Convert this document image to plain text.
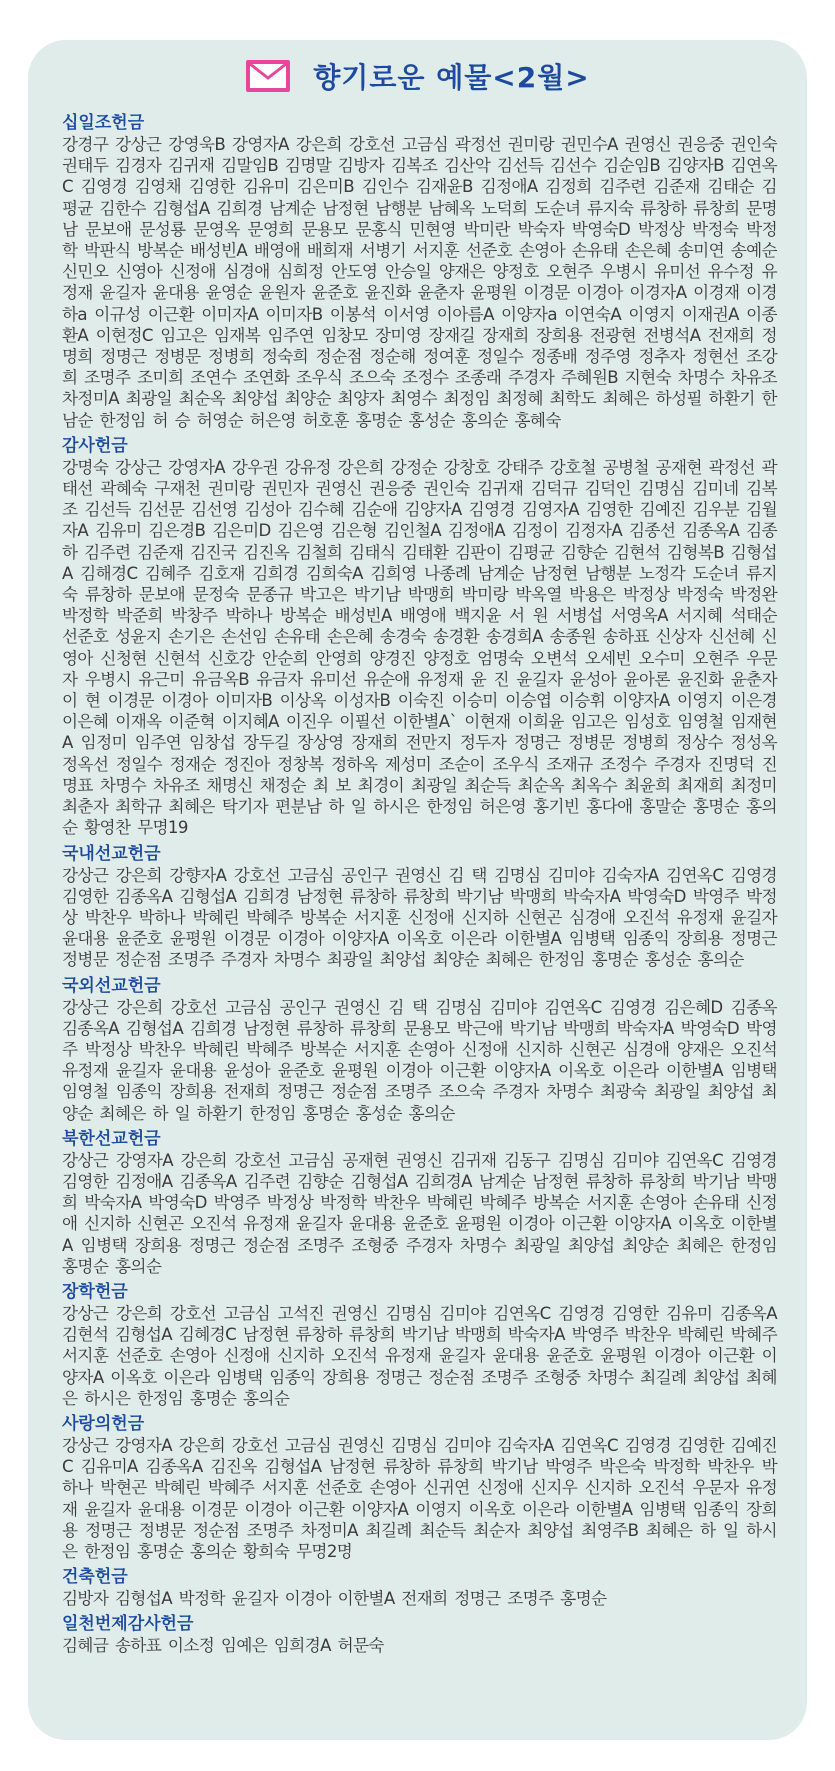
향기로운 예물<2월>
십일조헌금
강경구 강상근 강영욱B 강영자A 강은희 강호선 고금심 곽정선 권미랑 권민수A 권영신 권응중 권인숙 권태두 김경자 김귀재 김말임B 김명말 김방자 김복조 김산악 김선득 김선수 김순임B 김양자B 김연옥C 김영경 김영채 김영한 김유미 김은미B 김인수 김재윤B 김정애A 김정희 김주련 김준재 김태순 김평균 김한수 김형섭A 김희경 남계순 남정현 남행분 남혜옥 노덕희 도순녀 류지숙 류창하 류창희 문명남 문보애 문성룡 문영옥 문영희 문용모 문홍식 민현영 박미란 박숙자 박영숙D 박정상 박정숙 박정학 박판식 방복순 배성빈A 배영애 배희재 서병기 서지훈 선준호 손영아 손유태 손은혜 송미연 송예순 신민오 신영아 신정애 심경애 심희정 안도영 안승일 양재은 양정호 오현주 우병시 유미선 유수정 유정재 윤길자 윤대용 윤영순 윤원자 윤준호 윤진화 윤춘자 윤평원 이경문 이경아 이경자A 이경재 이경하a 이규성 이근환 이미자A 이미자B 이봉석 이서영 이아름A 이양자a 이연숙A 이영지 이재권A 이종환A 이현정C 임고은 임재복 임주연 임창모 장미영 장재길 장재희 장희용 전광현 전병석A 전재희 정명희 정명근 정병문 정병희 정숙희 정순점 정순해 정여훈 정일수 정종배 정주영 정추자 정현선 조강희 조명주 조미희 조연수 조연화 조우식 조으숙 조정수 조종래 주경자 주혜원B 지현숙 차명수 차유조 차정미A 최광일 최순옥 최양섭 최양순 최양자 최영수 최정임 최정혜 최학도 최혜은 하성필 하환기 한남순 한정임 허 승 허영순 허은영 허호훈 홍명순 홍성순 홍의순 홍혜숙
감사헌금
강명숙 강상근 강영자A 강우권 강유정 강은희 강정순 강창호 강태주 강호철 공병철 공재현 곽정선 곽태선 곽혜숙 구재천 권미랑 권민자 권영신 권응중 권인숙 김귀재 김덕규 김덕인 김명심 김미네 김복조 김선득 김선문 김선영 김성아 김수혜 김순애 김양자A 김영경 김영자A 김영한 김예진 김우분 김월자A 김유미 김은경B 김은미D 김은영 김은형 김인철A 김정애A 김정이 김정자A 김종선 김종옥A 김종하 김주련 김준재 김진국 김진옥 김철희 김태식 김태환 김판이 김평균 김향순 김현석 김형복B 김형섭A 김해경C 김혜주 김호재 김희경 김희숙A 김희영 나종례 남계순 남정현 남행분 노정각 도순녀 류지숙 류창하 문보애 문정숙 문종규 박고은 박기남 박맹희 박미랑 박옥열 박용은 박정상 박정숙 박정완 박정학 박준희 박창주 박하나 방복순 배성빈A 배영애 백지윤 서 원 서병섭 서영옥A 서지혜 석태순 선준호 성윤지 손기은 손선임 손유태 손은혜 송경숙 송경환 송경희A 송종원 송하표 신상자 신선혜 신영아 신청현 신현석 신호강 안순희 안영희 양경진 양정호 엄명숙 오변석 오세빈 오수미 오현주 우문자 우병시 유근미 유금옥B 유금자 유미선 유순애 유정재 윤 진 윤길자 윤성아 윤아론 윤진화 윤춘자 이 현 이경문 이경아 이미자B 이상옥 이성자B 이숙진 이승미 이승엽 이승휘 이양자A 이영지 이은경 이은혜 이재옥 이준혁 이지혜A 이진우 이필선 이한별A` 이현재 이희윤 임고은 임성호 임영철 임재현A 임정미 임주연 임창섭 장두길 장상영 장재희 전만지 정두자 정명근 정병문 정병희 정상수 정성옥 정옥선 정일수 정재순 정진아 정창복 정하옥 제성미 조순이 조우식 조재규 조정수 주경자 진명덕 진명표 차명수 차유조 채명신 채정순 최 보 최경이 최광일 최순득 최순옥 최옥수 최윤희 최재희 최정미 최춘자 최학규 최혜은 탁기자 편분남 하 일 하시은 한정임 허은영 홍기빈 홍다애 홍말순 홍명순 홍의순 황영찬 무명19
국내선교헌금
강상근 강은희 강향자A 강호선 고금심 공인구 권영신 김 택 김명심 김미야 김숙자A 김연옥C 김영경 김영한 김종옥A 김형섭A 김희경 남정현 류창하 류창희 박기남 박맹희 박숙자A 박영숙D 박영주 박정상 박찬우 박하나 박혜린 박혜주 방복순 서지훈 신정애 신지하 신현곤 심경애 오진석 유정재 윤길자 윤대용 윤준호 윤평원 이경문 이경아 이양자A 이옥호 이은라 이한별A 임병택 임종익 장희용 정명근 정병문 정순점 조명주 주경자 차명수 최광일 최양섭 최양순 최혜은 한정임 홍명순 홍성순 홍의순
국외선교헌금
강상근 강은희 강호선 고금심 공인구 권영신 김 택 김명심 김미야 김연옥C 김영경 김은혜D 김종옥 김종옥A 김형섭A 김희경 남정현 류창하 류창희 문용모 박근애 박기남 박맹희 박숙자A 박영숙D 박영주 박정상 박찬우 박혜린 박혜주 방복순 서지훈 손영아 신정애 신지하 신현곤 심경애 양재은 오진석 유정재 윤길자 윤대용 윤성아 윤준호 윤평원 이경아 이근환 이양자A 이옥호 이은라 이한별A 임병택 임영철 임종익 장희용 전재희 정명근 정순점 조명주 조으숙 주경자 차명수 최광숙 최광일 최양섭 최양순 최혜은 하 일 하환기 한정임 홍명순 홍성순 홍의순
북한선교헌금
강상근 강영자A 강은희 강호선 고금심 공재현 권영신 김귀재 김동구 김명심 김미야 김연옥C 김영경 김영한 김정애A 김종옥A 김주련 김향순 김형섭A 김희경A 남계순 남정현 류창하 류창희 박기남 박맹희 박숙자A 박영숙D 박영주 박정상 박정학 박찬우 박혜린 박혜주 방복순 서지훈 손영아 손유태 신정애 신지하 신현곤 오진석 유정재 윤길자 윤대용 윤준호 윤평원 이경아 이근환 이양자A 이옥호 이한별A 임병택 장희용 정명근 정순점 조명주 조형중 주경자 차명수 최광일 최양섭 최양순 최혜은 한정임 홍명순 홍의순
장학헌금
강상근 강은희 강호선 고금심 고석진 권영신 김명심 김미야 김연옥C 김영경 김영한 김유미 김종옥A 김현석 김형섭A 김혜경C 남정현 류창하 류창희 박기남 박맹희 박숙자A 박영주 박찬우 박혜린 박혜주 서지훈 선준호 손영아 신정애 신지하 오진석 유정재 윤길자 윤대용 윤준호 윤평원 이경아 이근환 이양자A 이옥호 이은라 임병택 임종익 장희용 정명근 정순점 조명주 조형중 차명수 최길례 최양섭 최혜은 하시은 한정임 홍명순 홍의순
사랑의헌금
강상근 강영자A 강은희 강호선 고금심 권영신 김명심 김미야 김숙자A 김연옥C 김영경 김영한 김예진C 김유미A 김종옥A 김진옥 김형섭A 남정현 류창하 류창희 박기남 박영주 박은숙 박정학 박찬우 박하나 박현곤 박혜린 박혜주 서지훈 선준호 손영아 신귀연 신정애 신지우 신지하 오진석 우문자 유정재 윤길자 윤대용 이경문 이경아 이근환 이양자A 이영지 이옥호 이은라 이한별A 임병택 임종익 장희용 정명근 정병문 정순점 조명주 차정미A 최길례 최순득 최순자 최양섭 최영주B 최혜은 하 일 하시은 한정임 홍명순 홍의순 황희숙 무명2명
건축헌금
김방자 김형섭A 박정학 윤길자 이경아 이한별A 전재희 정명근 조명주 홍명순
일천번제감사헌금
김혜금 송하표 이소정 임예은 임희경A 허문숙
